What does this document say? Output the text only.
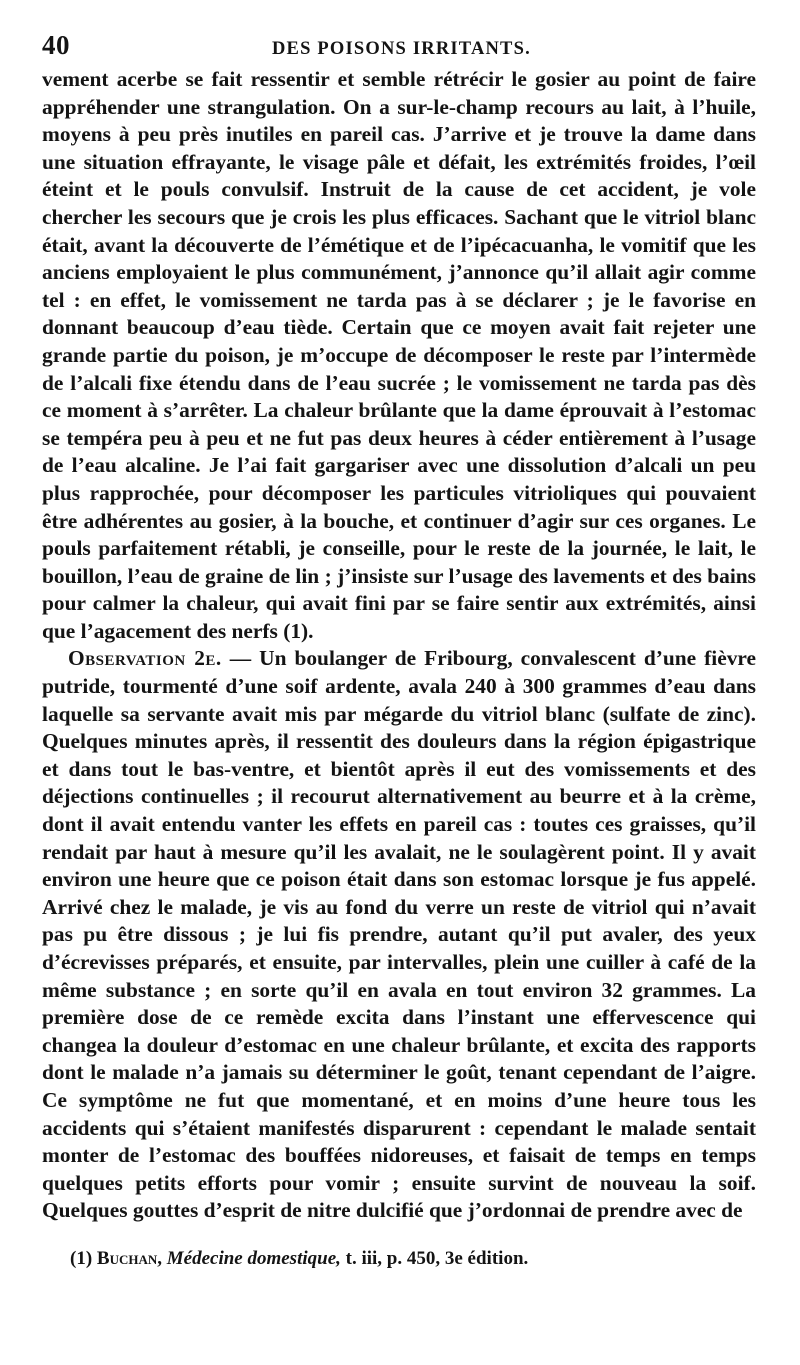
40	DES POISONS IRRITANTS.

vement acerbe se fait ressentir et semble rétrécir le gosier au point de faire appréhender une strangulation. On a sur-le-champ recours au lait, à l’huile, moyens à peu près inutiles en pareil cas. J’arrive et je trouve la dame dans une situation effrayante, le visage pâle et défait, les extrémités froides, l’œil éteint et le pouls convulsif. Instruit de la cause de cet accident, je vole chercher les secours que je crois les plus efficaces. Sachant que le vitriol blanc était, avant la découverte de l’émétique et de l’ipécacuanha, le vomitif que les anciens employaient le plus communément, j’annonce qu’il allait agir comme tel : en effet, le vomissement ne tarda pas à se déclarer ; je le favorise en donnant beaucoup d’eau tiède. Certain que ce moyen avait fait rejeter une grande partie du poison, je m’occupe de décomposer le reste par l’intermède de l’alcali fixe étendu dans de l’eau sucrée ; le vomissement ne tarda pas dès ce moment à s’arrêter. La chaleur brûlante que la dame éprouvait à l’estomac se tempéra peu à peu et ne fut pas deux heures à céder entièrement à l’usage de l’eau alcaline. Je l’ai fait gargariser avec une dissolution d’alcali un peu plus rapprochée, pour décomposer les particules vitrioliques qui pouvaient être adhérentes au gosier, à la bouche, et continuer d’agir sur ces organes. Le pouls parfaitement rétabli, je conseille, pour le reste de la journée, le lait, le bouillon, l’eau de graine de lin ; j’insiste sur l’usage des lavements et des bains pour calmer la chaleur, qui avait fini par se faire sentir aux extrémités, ainsi que l’agacement des nerfs (1).

Observation 2e. — Un boulanger de Fribourg, convalescent d’une fièvre putride, tourmenté d’une soif ardente, avala 240 à 300 grammes d’eau dans laquelle sa servante avait mis par mégarde du vitriol blanc (sulfate de zinc). Quelques minutes après, il ressentit des douleurs dans la région épigastrique et dans tout le bas-ventre, et bientôt après il eut des vomissements et des déjections continuelles ; il recourut alternativement au beurre et à la crème, dont il avait entendu vanter les effets en pareil cas : toutes ces graisses, qu’il rendait par haut à mesure qu’il les avalait, ne le soulagèrent point. Il y avait environ une heure que ce poison était dans son estomac lorsque je fus appelé. Arrivé chez le malade, je vis au fond du verre un reste de vitriol qui n’avait pas pu être dissous ; je lui fis prendre, autant qu’il put avaler, des yeux d’écrevisses préparés, et ensuite, par intervalles, plein une cuiller à café de la même substance ; en sorte qu’il en avala en tout environ 32 grammes. La première dose de ce remède excita dans l’instant une effervescence qui changea la douleur d’estomac en une chaleur brûlante, et excita des rapports dont le malade n’a jamais su déterminer le goût, tenant cependant de l’aigre. Ce symptôme ne fut que momentané, et en moins d’une heure tous les accidents qui s’étaient manifestés disparurent : cependant le malade sentait monter de l’estomac des bouffées nidoreuses, et faisait de temps en temps quelques petits efforts pour vomir ; ensuite survint de nouveau la soif. Quelques gouttes d’esprit de nitre dulcifié que j’ordonnai de prendre avec de

(1) Buchan, Médecine domestique, t. iii, p. 450, 3e édition.
